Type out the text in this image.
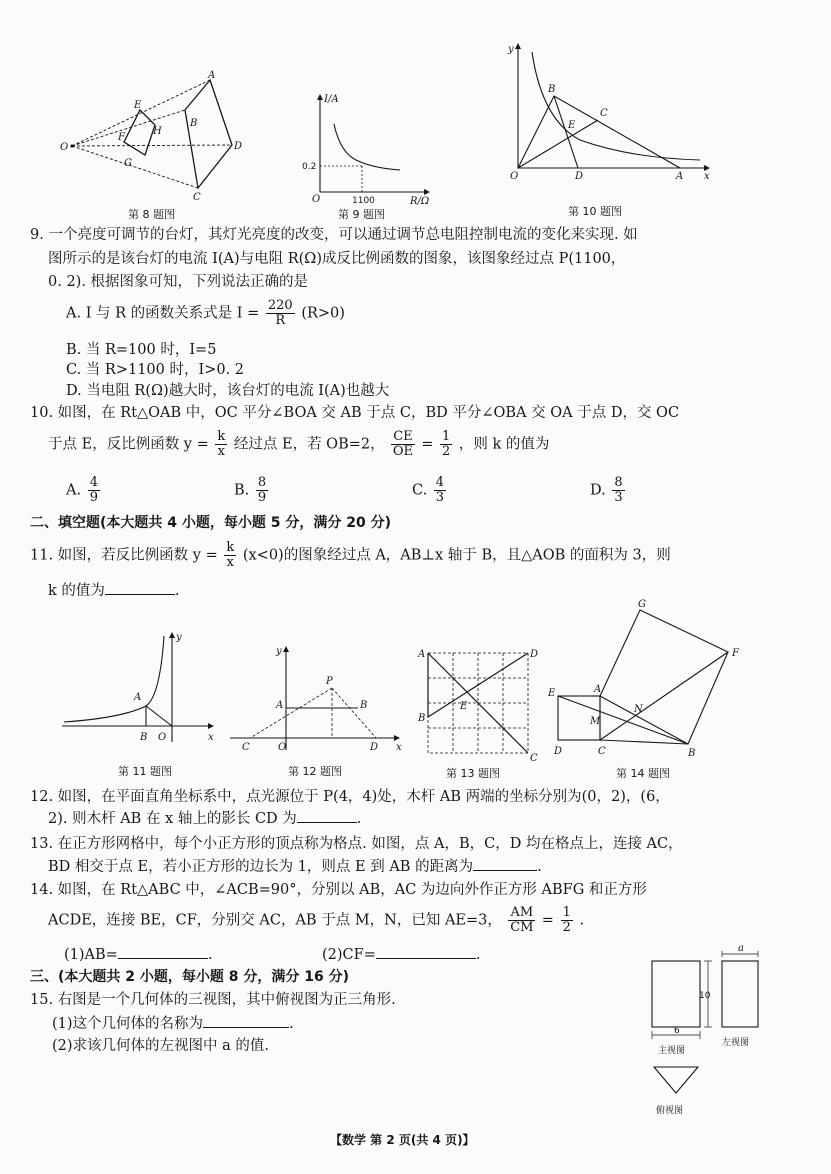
O
E
F
H
G
A
B
D
C
第 8 题图
I/A
R/Ω
O
0.2
1100
第 9 题图
y
B
C
E
O	D	A x
第 10 题图
9. 一个亮度可调节的台灯，其灯光亮度的改变，可以通过调节总电阻控制电流的变化来实现. 如
图所示的是该台灯的电流 I(A)与电阻 R(Ω)成反比例函数的图象，该图象经过点 P(1100，
0. 2). 根据图象可知，下列说法正确的是
A. I 与 R 的函数关系式是 $I = \frac{220}{R} (R>0)$
B. 当 R=100 时，I=5
C. 当 R>1100 时，I>0. 2
D. 当电阻 R(Ω)越大时，该台灯的电流 I(A)也越大
10. 如图，在 Rt△OAB 中，OC 平分∠BOA 交 AB 于点 C，BD 平分∠OBA 交 OA 于点 D，交 OC
于点 E，反比例函数 $y = \frac{k}{x}$ 经过点 E，若 OB=2， $\frac{CE}{OE} = \frac{1}{2}$ ，则 k 的值为
A. $\frac{4}{9}$	B. $\frac{8}{9}$	C. $\frac{4}{3}$	D. $\frac{8}{3}$
二、填空题(本大题共 4 小题，每小题 5 分，满分 20 分)
11. 如图，若反比例函数 $y = \frac{k}{x} (x<0)$的图象经过点 A，AB⊥x 轴于 B，且△AOB 的面积为 3，则
k 的值为	.
y
A
B O	x
第 11 题图
y
P
A	B
C	O	D x
第 12 题图
A	D
E
B
C
第 13 题图
G
F
E	A
M
N
D	C	B
第 14 题图
12. 如图，在平面直角坐标系中，点光源位于 P(4，4)处，木杆 AB 两端的坐标分别为(0，2)，(6，
2). 则木杆 AB 在 x 轴上的影长 CD 为	.
13. 在正方形网格中，每个小正方形的顶点称为格点. 如图，点 A，B，C，D 均在格点上，连接 AC，
BD 相交于点 E，若小正方形的边长为 1，则点 E 到 AB 的距离为	.
14. 如图，在 Rt△ABC 中，∠ACB=90°，分别以 AB，AC 为边向外作正方形 ABFG 和正方形
ACDE，连接 BE，CF，分别交 AC，AB 于点 M，N，已知 AE=3， $\frac{AM}{CM} = \frac{1}{2}$ .
(1)AB=	.	(2)CF=	.
三、(本大题共 2 小题，每小题 8 分，满分 16 分)
15. 右图是一个几何体的三视图，其中俯视图为正三角形.
(1)这个几何体的名称为	.
(2)求该几何体的左视图中 a 的值.
6
10
a
主视图
左视图
俯视图
【数学 第 2 页(共 4 页)】
